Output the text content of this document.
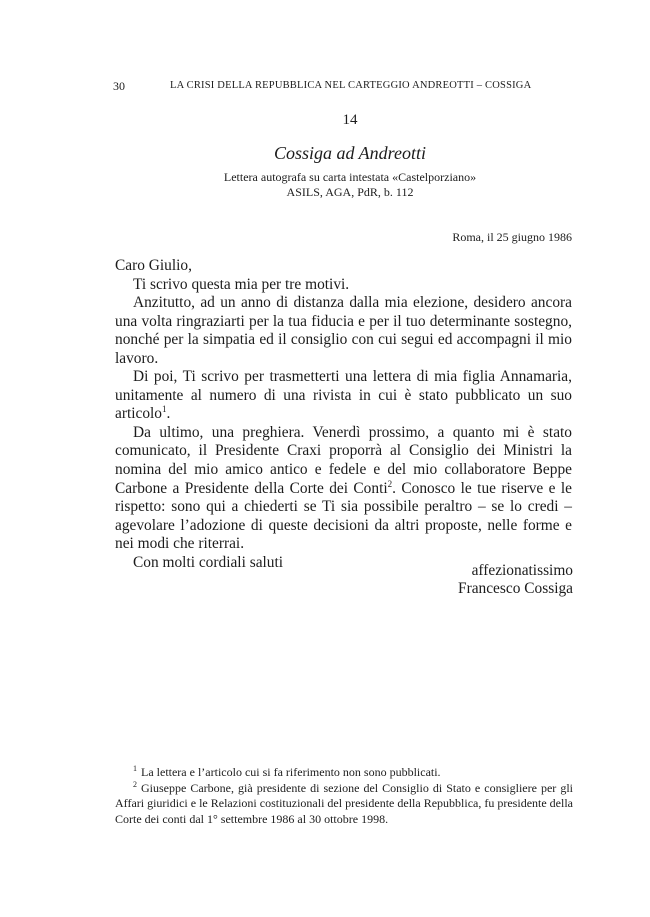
30	LA CRISI DELLA REPUBBLICA NEL CARTEGGIO ANDREOTTI – COSSIGA
14
Cossiga ad Andreotti
Lettera autografa su carta intestata «Castelporziano»
ASILS, AGA, PdR, b. 112
Roma, il 25 giugno 1986

Caro Giulio,

Ti scrivo questa mia per tre motivi.

Anzitutto, ad un anno di distanza dalla mia elezione, desidero ancora una volta ringraziarti per la tua fiducia e per il tuo determinante sostegno, nonché per la simpatia ed il consiglio con cui segui ed accompagni il mio lavoro.

Di poi, Ti scrivo per trasmetterti una lettera di mia figlia Annamaria, unitamente al numero di una rivista in cui è stato pubblicato un suo articolo$^1$.

Da ultimo, una preghiera. Venerdì prossimo, a quanto mi è stato comunicato, il Presidente Craxi proporrà al Consiglio dei Ministri la nomina del mio amico antico e fedele e del mio collaboratore Beppe Carbone a Presidente della Corte dei Conti$^2$. Conosco le tue riserve e le rispetto: sono qui a chiederti se Ti sia possibile peraltro – se lo credi – agevolare l’adozione di queste decisioni da altri proposte, nelle forme e nei modi che riterrai.

Con molti cordiali saluti	affezionatissimo
Francesco Cossiga

$^1$ La lettera e l’articolo cui si fa riferimento non sono pubblicati.

$^2$ Giuseppe Carbone, già presidente di sezione del Consiglio di Stato e consigliere per gli Affari giuridici e le Relazioni costituzionali del presidente della Repubblica, fu presidente della Corte dei conti dal 1° settembre 1986 al 30 ottobre 1998.
